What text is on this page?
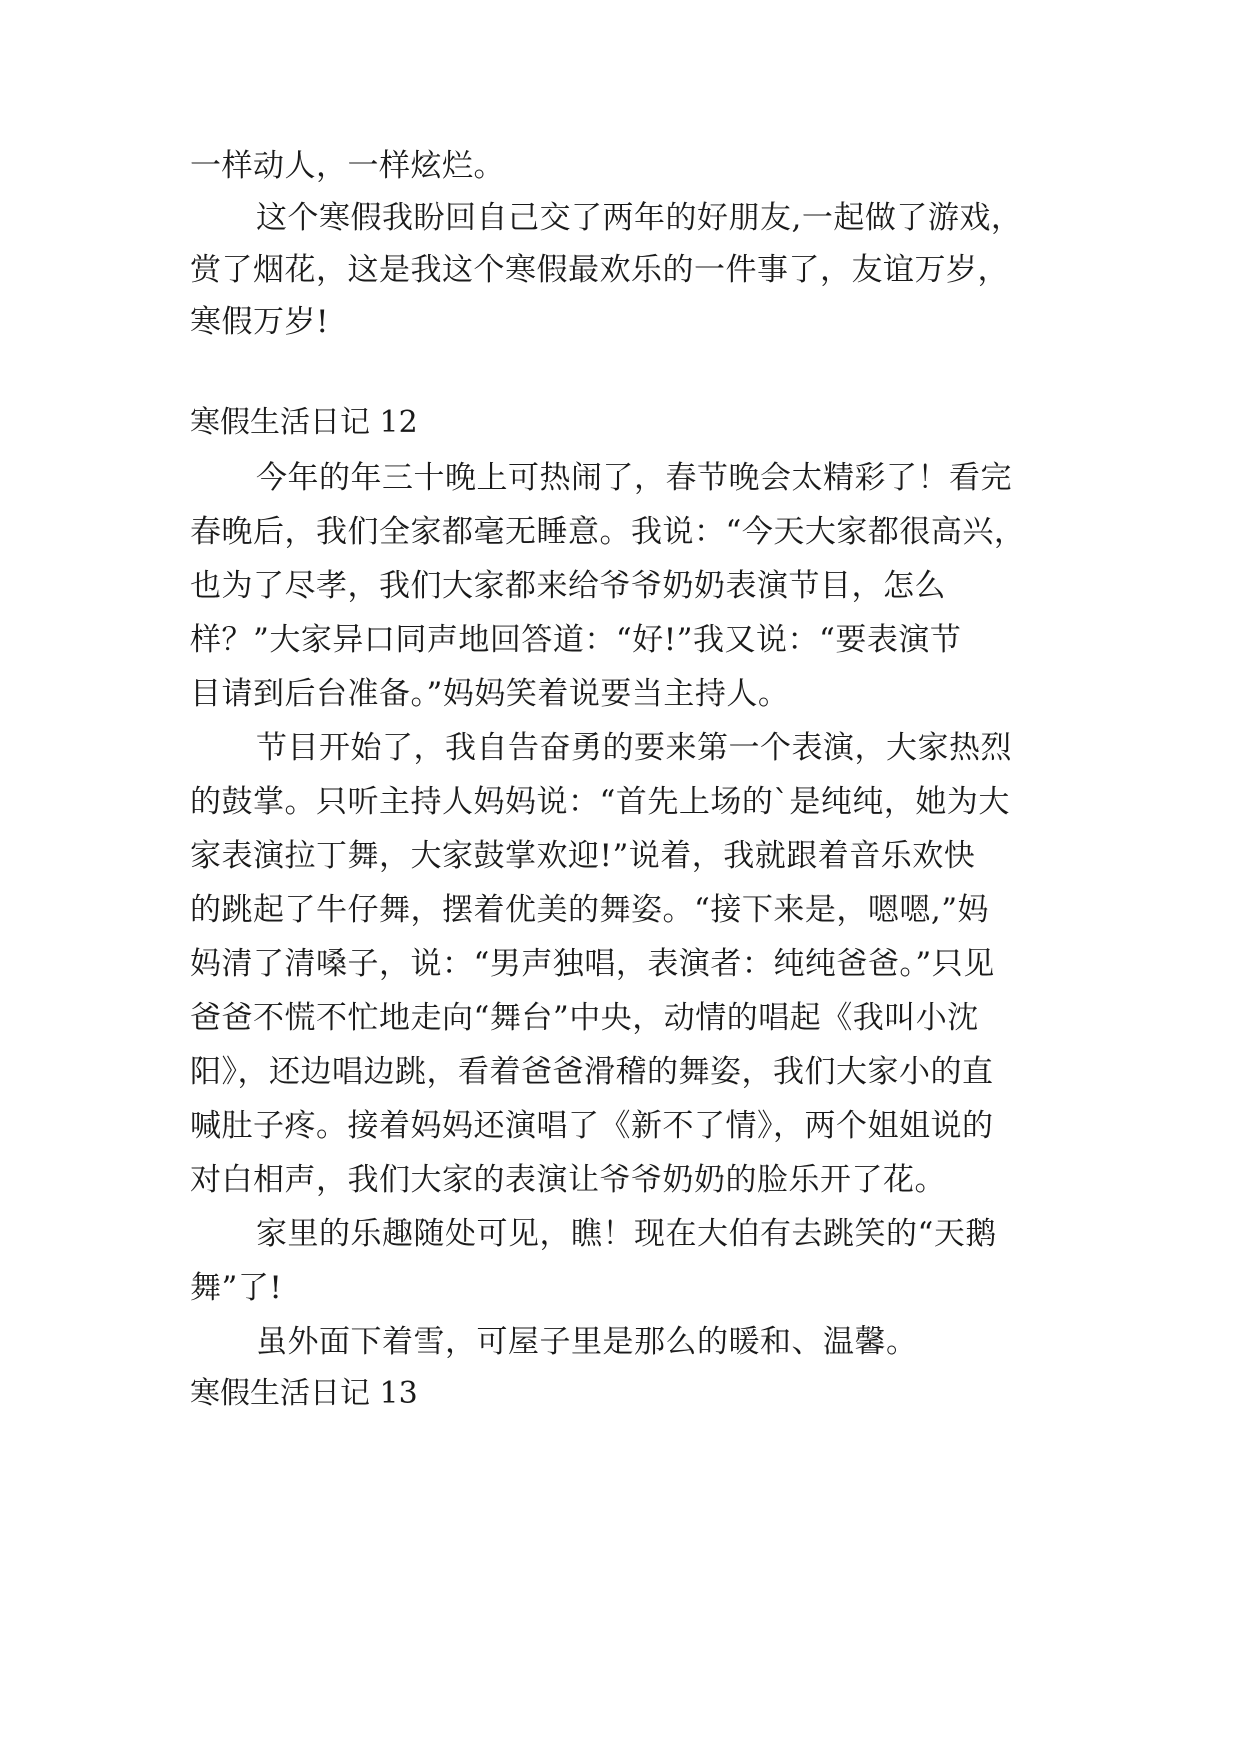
一样动人，一样炫烂。
这个寒假我盼回自己交了两年的好朋友,一起做了游戏，
赏了烟花，这是我这个寒假最欢乐的一件事了，友谊万岁，
寒假万岁!
寒假生活日记 12
今年的年三十晚上可热闹了，春节晚会太精彩了！看完
春晚后，我们全家都毫无睡意。我说：“今天大家都很高兴，
也为了尽孝，我们大家都来给爷爷奶奶表演节目，怎么
样？”大家异口同声地回答道：“好!”我又说：“要表演节
目请到后台准备。”妈妈笑着说要当主持人。
节目开始了，我自告奋勇的要来第一个表演，大家热烈
的鼓掌。只听主持人妈妈说：“首先上场的`是纯纯，她为大
家表演拉丁舞，大家鼓掌欢迎!”说着，我就跟着音乐欢快
的跳起了牛仔舞，摆着优美的舞姿。“接下来是，嗯嗯,”妈
妈清了清嗓子，说：“男声独唱，表演者：纯纯爸爸。”只见
爸爸不慌不忙地走向“舞台”中央，动情的唱起《我叫小沈
阳》，还边唱边跳，看着爸爸滑稽的舞姿，我们大家小的直
喊肚子疼。接着妈妈还演唱了《新不了情》，两个姐姐说的
对白相声，我们大家的表演让爷爷奶奶的脸乐开了花。
家里的乐趣随处可见，瞧！现在大伯有去跳笑的“天鹅
舞”了!
虽外面下着雪，可屋子里是那么的暖和、温馨。
寒假生活日记 13
